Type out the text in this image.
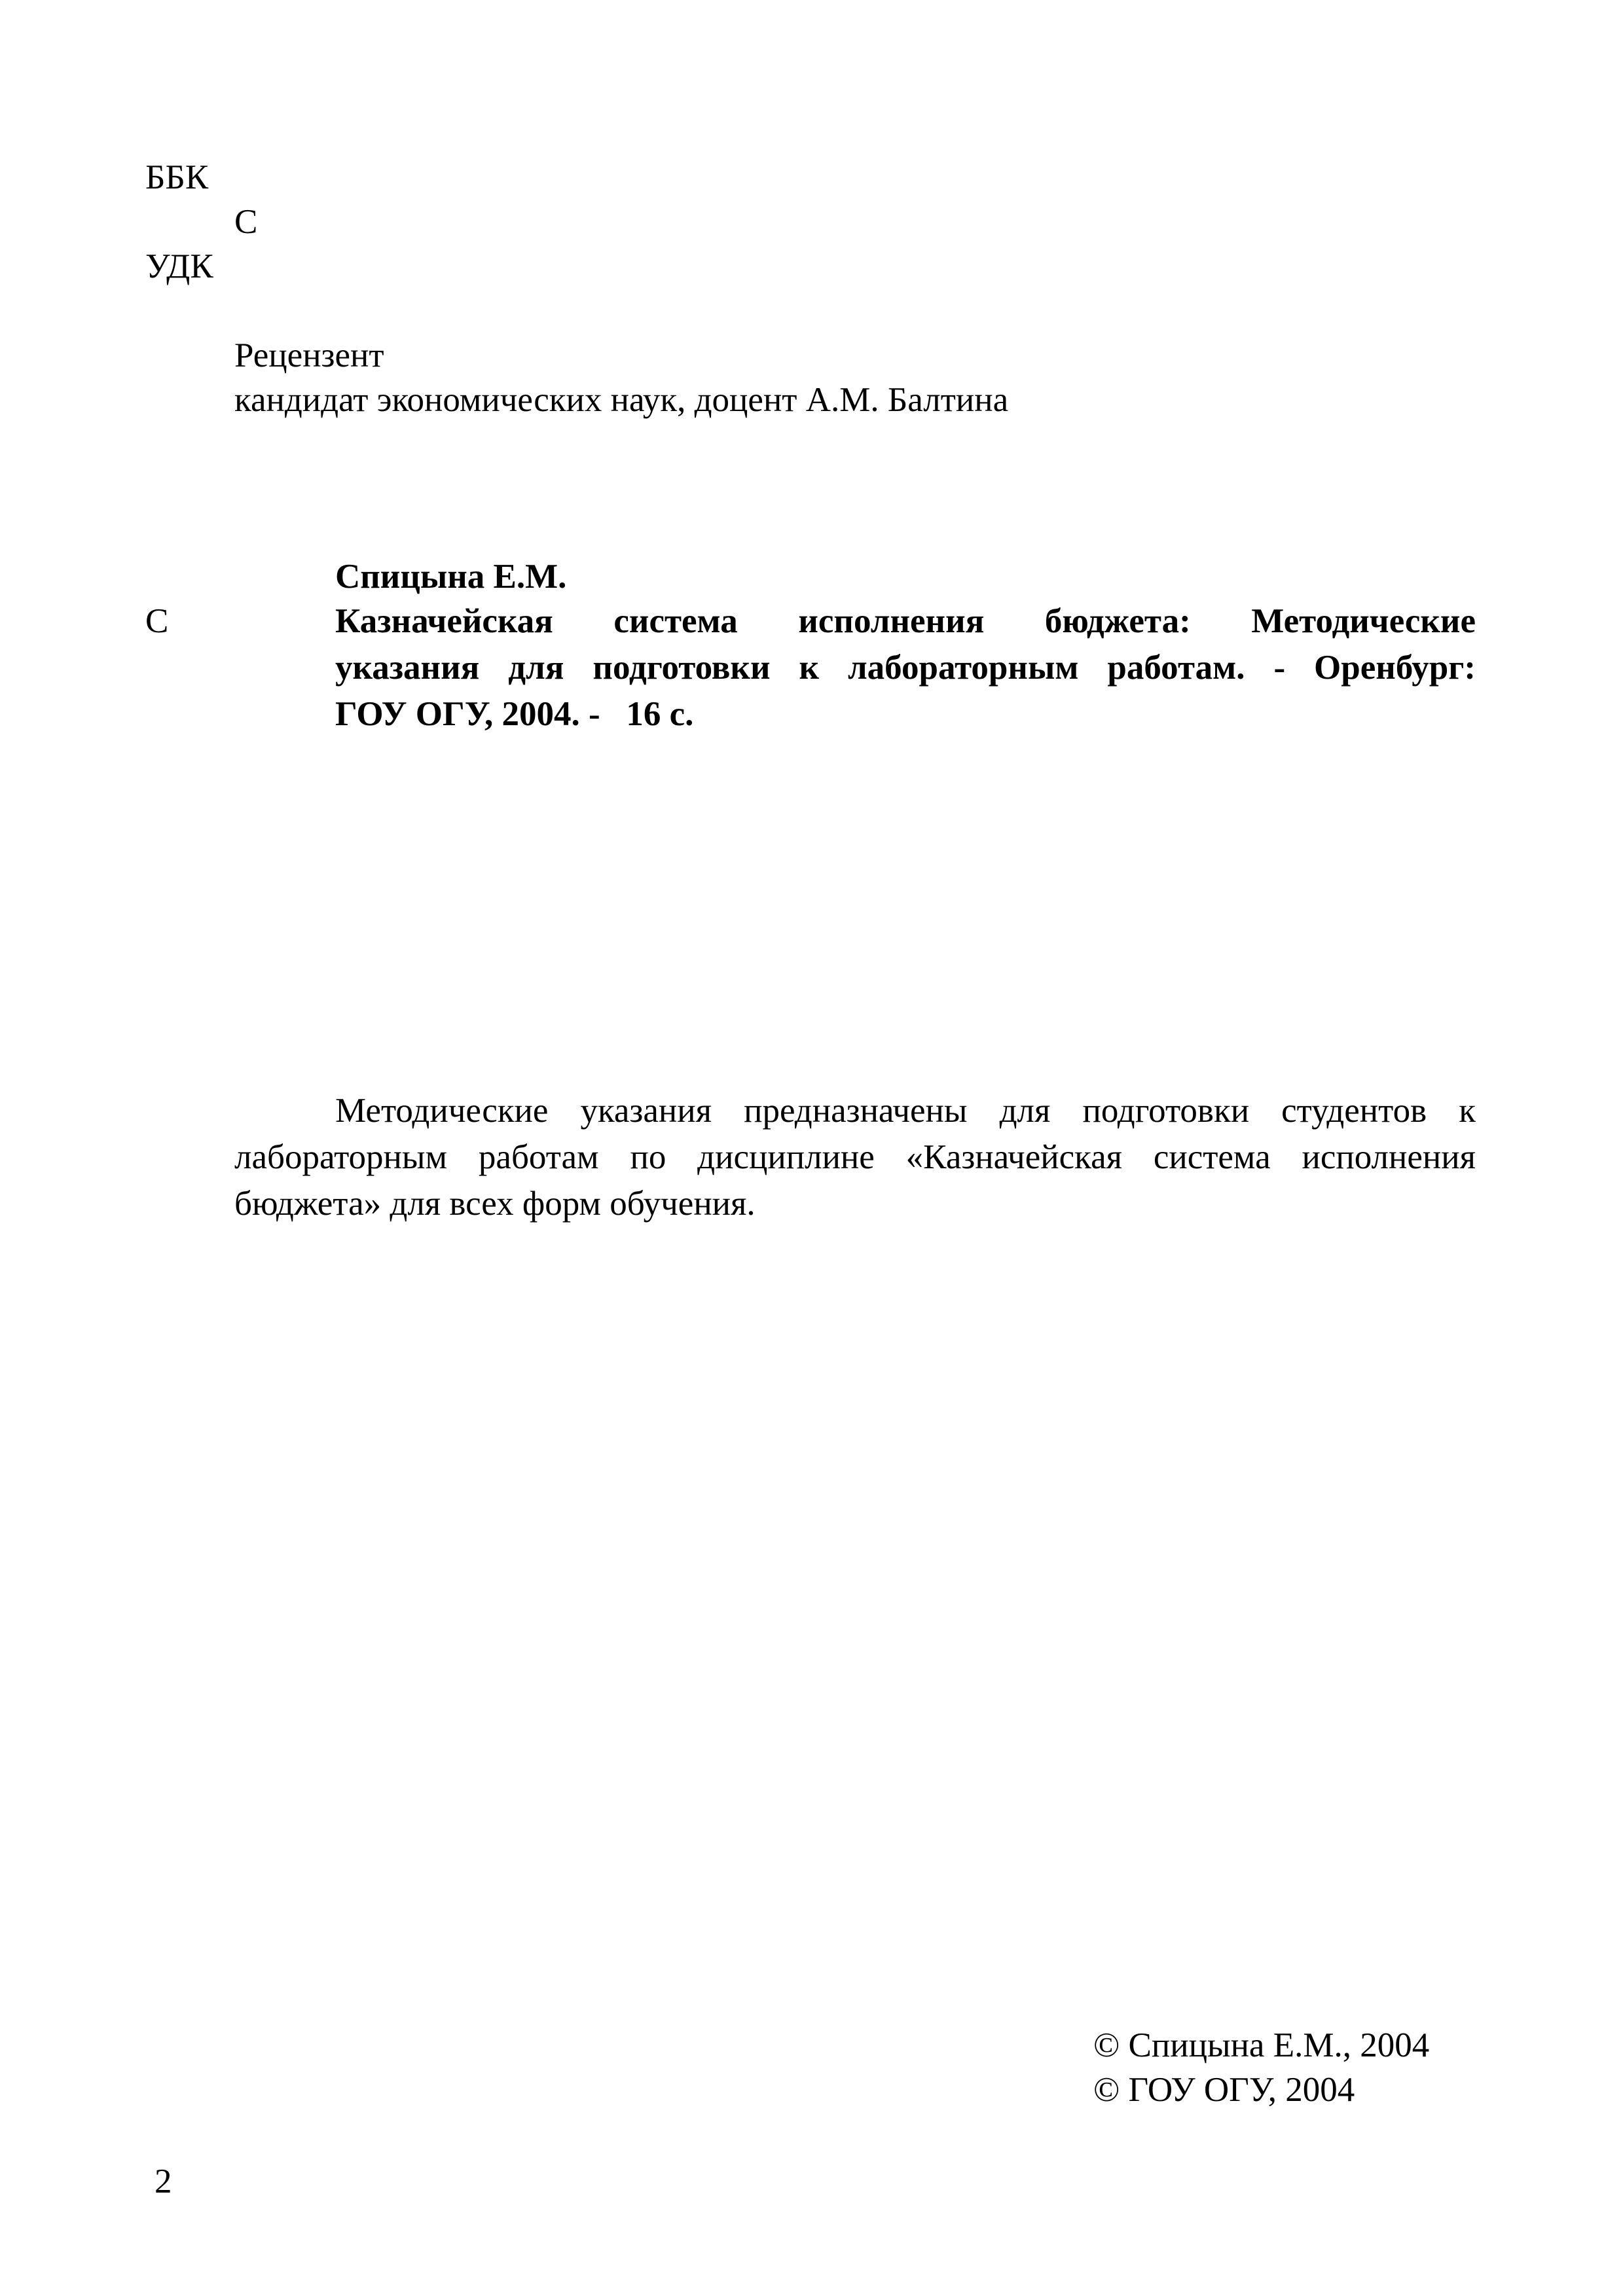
ББК
С
УДК
Рецензент
кандидат экономических наук, доцент А.М. Балтина
С
Спицына Е.М.
Казначейская система исполнения бюджета: Методические
указания для подготовки к лабораторным работам. - Оренбург:
ГОУ ОГУ, 2004. -   16 с.
Методические указания предназначены для подготовки студентов к
лабораторным работам по дисциплине «Казначейская система исполнения
бюджета» для всех форм обучения.
© Спицына Е.М., 2004
© ГОУ ОГУ, 2004
2
